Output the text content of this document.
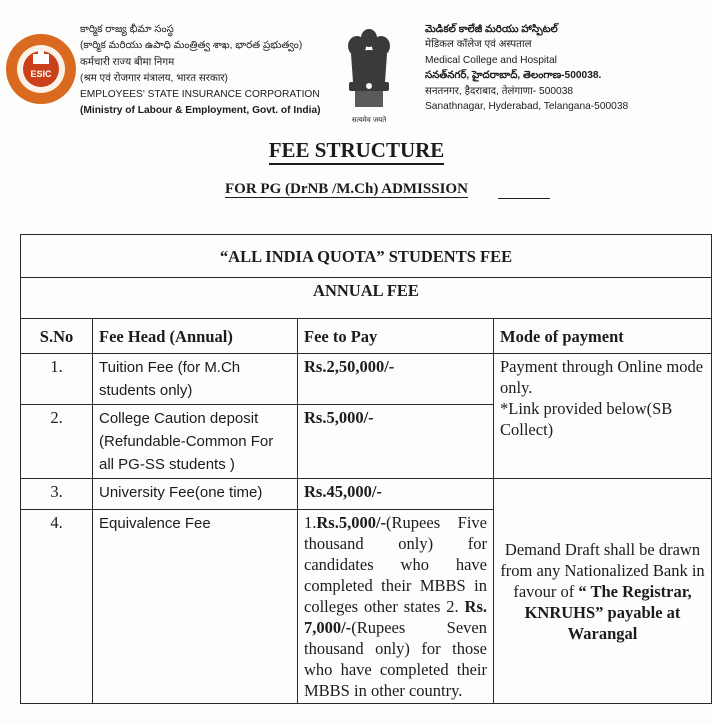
ESIC
కార్మిక రాజ్య భీమా సంస్థ
(కార్మిక మరియు ఉపాధి మంత్రిత్వ శాఖ, భారత ప్రభుత్వం)
कर्मचारी राज्य बीमा निगम
(श्रम एवं रोजगार मंत्रालय, भारत सरकार)
EMPLOYEES' STATE INSURANCE CORPORATION
(Ministry of Labour & Employment, Govt. of India)
सत्यमेव जयते
మెడికల్ కాలేజీ మరియు హాస్పిటల్
मेडिकल कॉलेज एवं अस्पताल
Medical College and Hospital
సనత్‌నగర్, హైదరాబాద్, తెలంగాణ-500038.
सनतनगर, हैदराबाद, तेलंगाणा- 500038
Sanathnagar, Hyderabad, Telangana-500038
FEE STRUCTURE
FOR PG (DrNB /M.Ch) ADMISSION
“ALL INDIA QUOTA” STUDENTS FEE			
ANNUAL FEE			
S.No	Fee Head (Annual)	Fee to Pay	Mode of payment
1.	Tuition Fee (for M.Ch students only)	Rs.2,50,000/-	Payment through Online mode only.
*Link provided below(SB Collect)

2.	College Caution deposit (Refundable-Common For all PG-SS students )	Rs.5,000/-	
3.	University Fee(one time)	Rs.45,000/-	Demand Draft shall be drawn from any Nationalized Bank in favour of “ The Registrar, KNRUHS” payable at Warangal
4.	Equivalence Fee	1.Rs.5,000/-(Rupees Five thousand only) for candidates who have completed their MBBS in colleges other states 2. Rs. 7,000/-(Rupees Seven thousand only) for those who have completed their MBBS in other country.	
